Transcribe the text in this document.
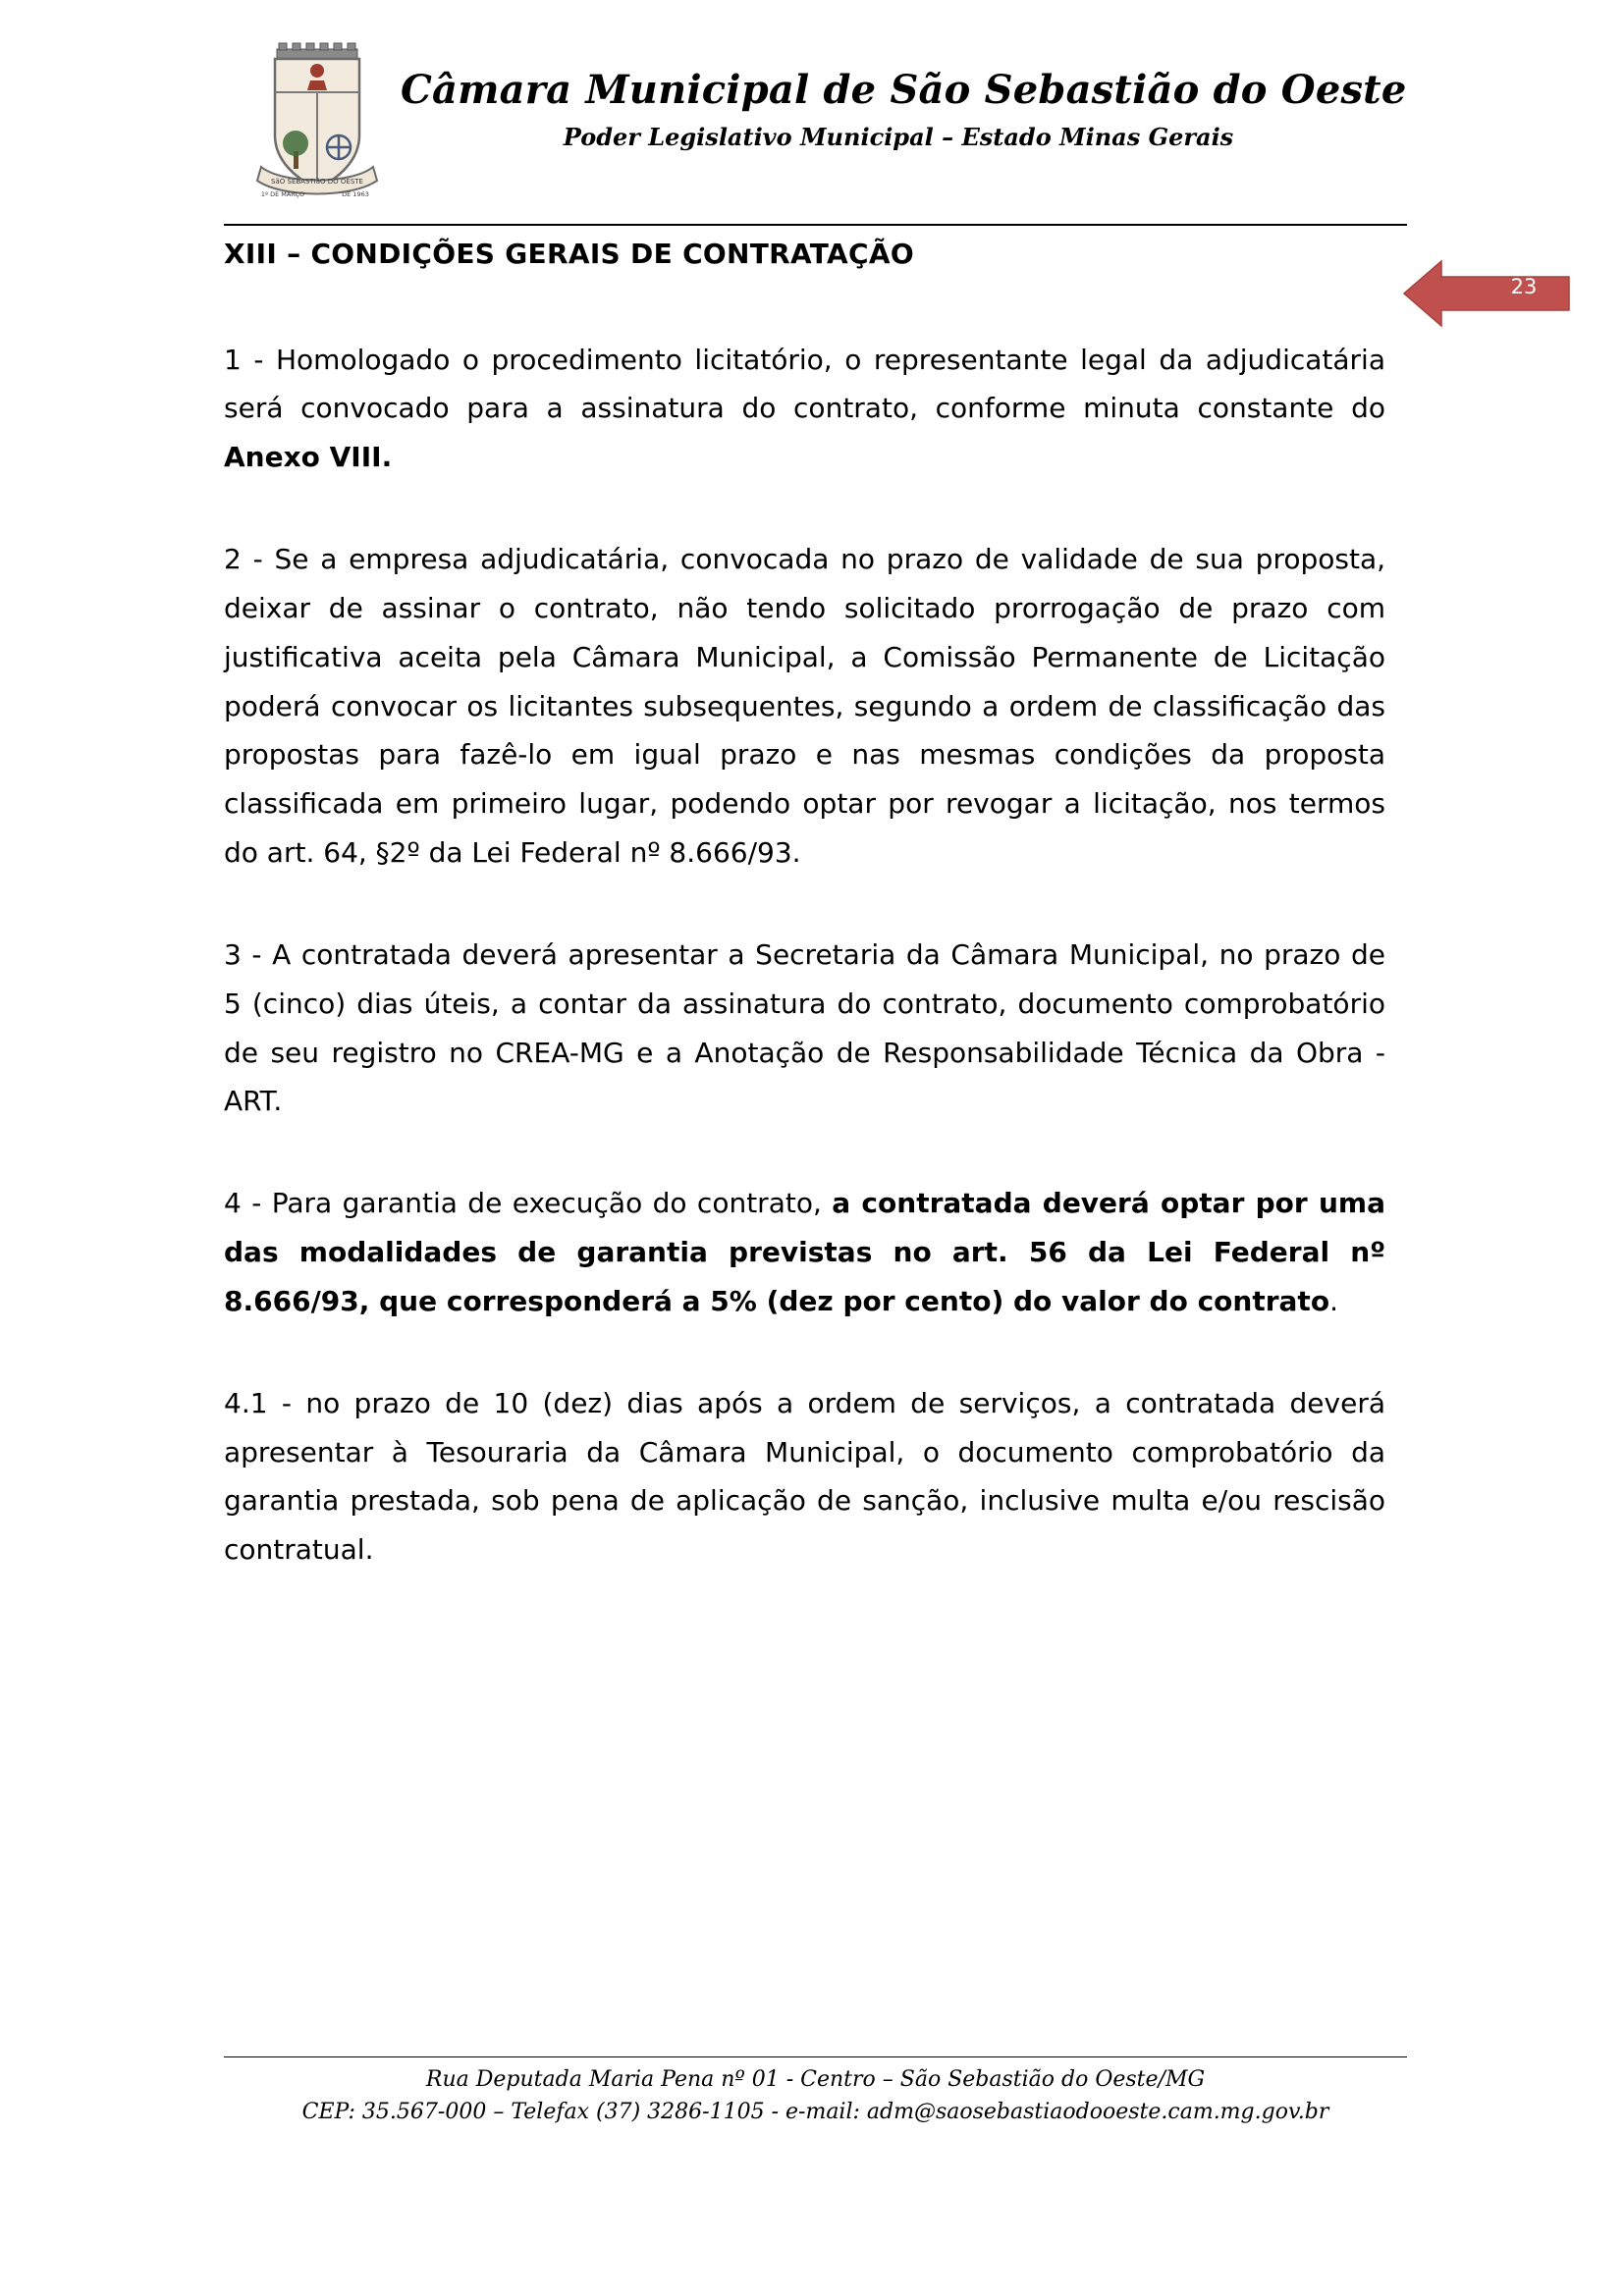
SãO SEBASTIãO DO OESTE
1º DE MARÇO	DE 1963
Câmara Municipal de São Sebastião do Oeste
Poder Legislativo Municipal – Estado Minas Gerais
23
XIII – CONDIÇÕES GERAIS DE CONTRATAÇÃO

1 - Homologado o procedimento licitatório, o representante legal da adjudicatária será convocado para a assinatura do contrato, conforme minuta constante do Anexo VIII.

2 - Se a empresa adjudicatária, convocada no prazo de validade de sua proposta, deixar de assinar o contrato, não tendo solicitado prorrogação de prazo com justificativa aceita pela Câmara Municipal, a Comissão Permanente de Licitação poderá convocar os licitantes subsequentes, segundo a ordem de classificação das propostas para fazê-lo em igual prazo e nas mesmas condições da proposta classificada em primeiro lugar, podendo optar por revogar a licitação, nos termos do art. 64, §2º da Lei Federal nº 8.666/93.

3 - A contratada deverá apresentar a Secretaria da Câmara Municipal, no prazo de 5 (cinco) dias úteis, a contar da assinatura do contrato, documento comprobatório de seu registro no CREA-MG e a Anotação de Responsabilidade Técnica da Obra - ART.

4 - Para garantia de execução do contrato, a contratada deverá optar por uma das modalidades de garantia previstas no art. 56 da Lei Federal nº 8.666/93, que corresponderá a 5% (dez por cento) do valor do contrato.

4.1 - no prazo de 10 (dez) dias após a ordem de serviços, a contratada deverá apresentar à Tesouraria da Câmara Municipal, o documento comprobatório da garantia prestada, sob pena de aplicação de sanção, inclusive multa e/ou rescisão contratual.

Rua Deputada Maria Pena nº 01 - Centro – São Sebastião do Oeste/MG
CEP: 35.567-000 – Telefax (37) 3286-1105 - e-mail: adm@saosebastiaodooeste.cam.mg.gov.br
